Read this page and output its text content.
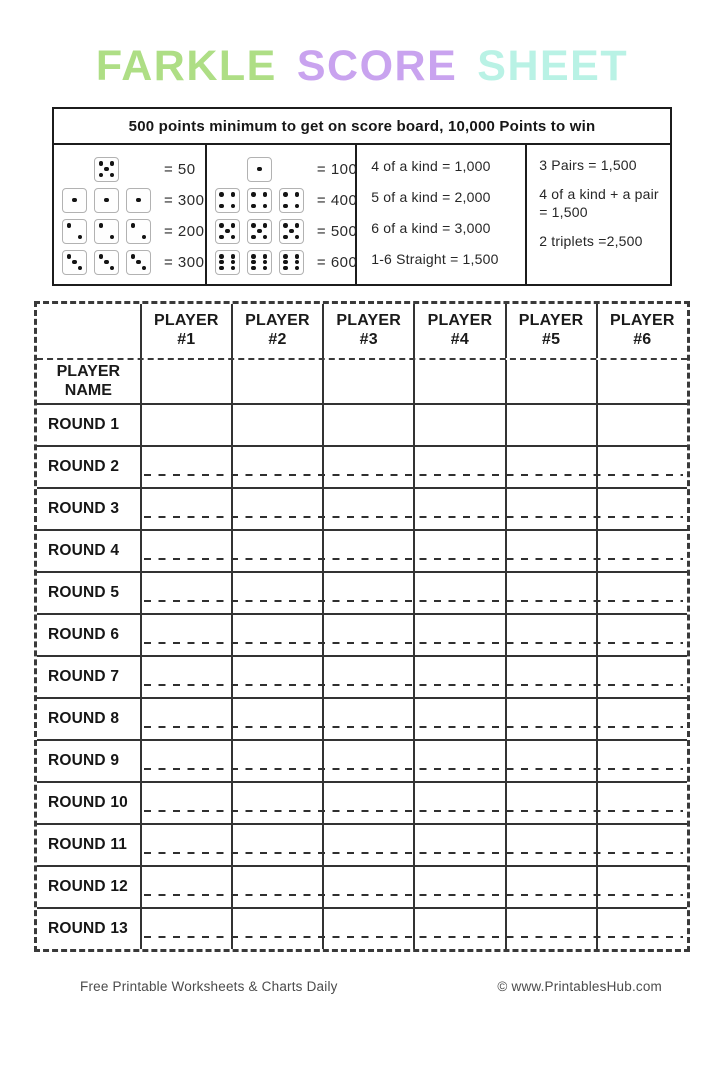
FARKLE SCORE SHEET
500 points minimum to get on score board, 10,000 Points to win
= 50
= 300
= 200
= 300
= 100
= 400
= 500
= 600
4 of a kind = 1,000
5 of a kind = 2,000
6 of a kind = 3,000
1-6 Straight = 1,500
3 Pairs = 1,500
4 of a kind + a pair = 1,500
2 triplets =2,500
PLAYER #1
PLAYER #2
PLAYER #3
PLAYER #4
PLAYER #5
PLAYER #6
PLAYER NAME
ROUND 1
ROUND 2
ROUND 3
ROUND 4
ROUND 5
ROUND 6
ROUND 7
ROUND 8
ROUND 9
ROUND 10
ROUND 11
ROUND 12
ROUND 13
Free Printable Worksheets & Charts Daily	© www.PrintablesHub.com
